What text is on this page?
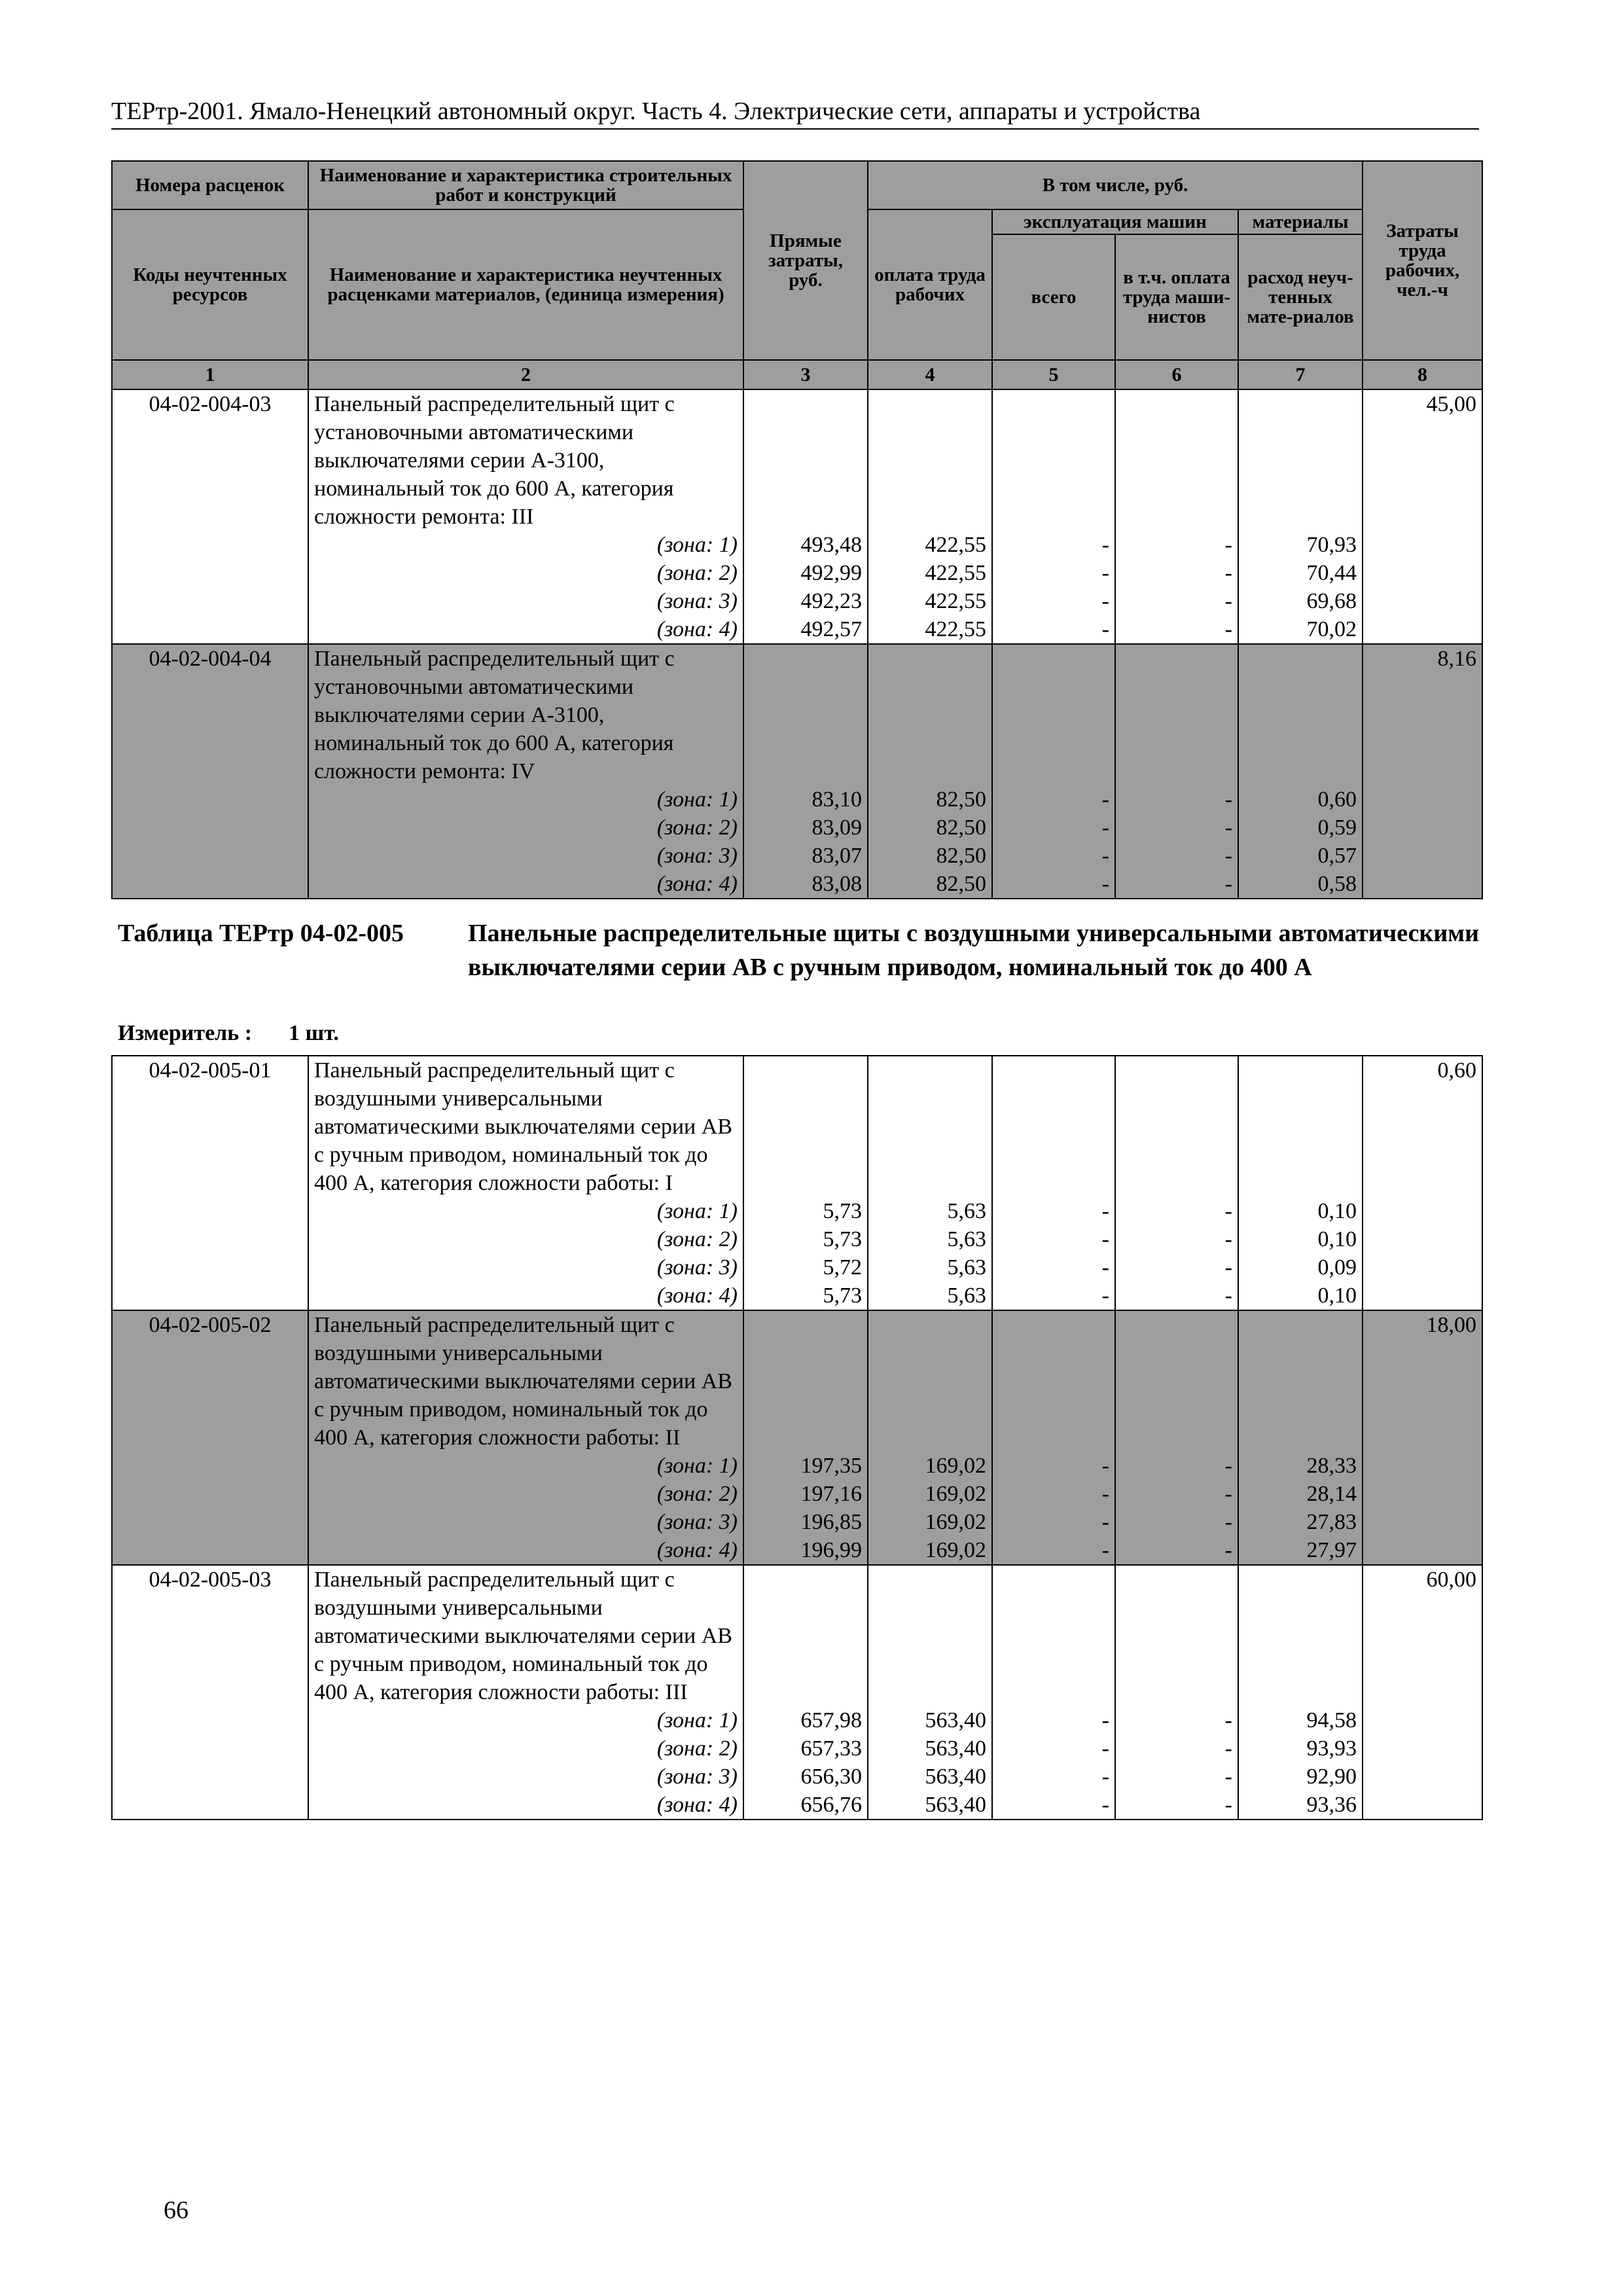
ТЕРтр-2001. Ямало-Ненецкий автономный округ. Часть 4. Электрические сети, аппараты и устройства
Номера расценок	Наименование и характеристика строительных работ и конструкций	Прямые затраты, руб.	В том числе, руб.				Затраты труда рабочих, чел.-ч
Коды неучтенных ресурсов	Наименование и характеристика неучтенных расценками материалов, (единица измерения)		оплата труда рабочих	эксплуатация машин		материалы	
				всего	в т.ч. оплата труда маши-нистов	расход неуч-тенных мате-риалов	

1	2	3	4	5	6	7	8
04-02-004-03	Панельный распределительный щит с установочными автоматическими выключателями серии А-3100, номинальный ток до 600 А, категория сложности ремонта: III						45,00
	(зона: 1)	493,48	422,55	-	-	70,93	
	(зона: 2)	492,99	422,55	-	-	70,44	
	(зона: 3)	492,23	422,55	-	-	69,68	
	(зона: 4)	492,57	422,55	-	-	70,02	
04-02-004-04	Панельный распределительный щит с установочными автоматическими выключателями серии А-3100, номинальный ток до 600 А, категория сложности ремонта: IV						8,16
	(зона: 1)	83,10	82,50	-	-	0,60	
	(зона: 2)	83,09	82,50	-	-	0,59	
	(зона: 3)	83,07	82,50	-	-	0,57	
	(зона: 4)	83,08	82,50	-	-	0,58	
Таблица ТЕРтр 04-02-005	Панельные распределительные щиты с воздушными универсальными автоматическими выключателями серии АВ с ручным приводом, номинальный ток до 400 А
Измеритель : 1 шт.
04-02-005-01	Панельный распределительный щит с воздушными универсальными автоматическими выключателями серии АВ с ручным приводом, номинальный ток до 400 А, категория сложности работы: I						0,60
	(зона: 1)	5,73	5,63	-	-	0,10	
	(зона: 2)	5,73	5,63	-	-	0,10	
	(зона: 3)	5,72	5,63	-	-	0,09	
	(зона: 4)	5,73	5,63	-	-	0,10	
04-02-005-02	Панельный распределительный щит с воздушными универсальными автоматическими выключателями серии АВ с ручным приводом, номинальный ток до 400 А, категория сложности работы: II						18,00
	(зона: 1)	197,35	169,02	-	-	28,33	
	(зона: 2)	197,16	169,02	-	-	28,14	
	(зона: 3)	196,85	169,02	-	-	27,83	
	(зона: 4)	196,99	169,02	-	-	27,97	
04-02-005-03	Панельный распределительный щит с воздушными универсальными автоматическими выключателями серии АВ с ручным приводом, номинальный ток до 400 А, категория сложности работы: III						60,00
	(зона: 1)	657,98	563,40	-	-	94,58	
	(зона: 2)	657,33	563,40	-	-	93,93	
	(зона: 3)	656,30	563,40	-	-	92,90	
	(зона: 4)	656,76	563,40	-	-	93,36	
66
